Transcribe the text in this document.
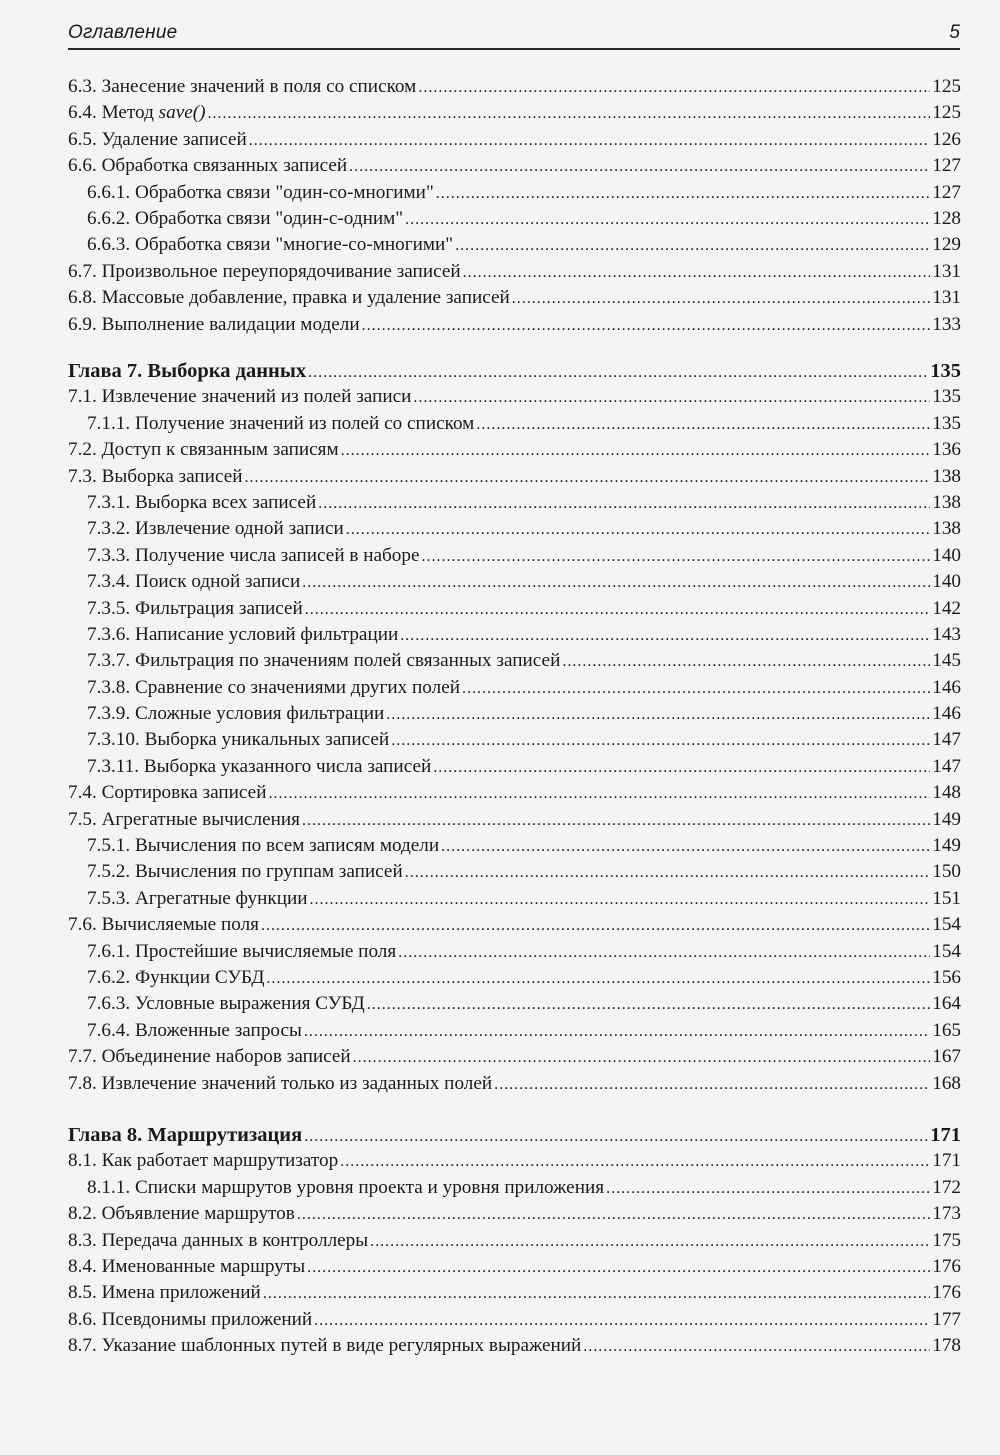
Оглавление	5
6.3. Занесение значений в поля со списком .....	125
6.4. Метод save() .....	125
6.5. Удаление записей .....	126
6.6. Обработка связанных записей .....	127
6.6.1. Обработка связи "один-со-многими" .....	127
6.6.2. Обработка связи "один-с-одним" .....	128
6.6.3. Обработка связи "многие-со-многими" .....	129
6.7. Произвольное переупорядочивание записей .....	131
6.8. Массовые добавление, правка и удаление записей .....	131
6.9. Выполнение валидации модели .....	133
Глава 7. Выборка данных .....	135
7.1. Извлечение значений из полей записи .....	135
7.1.1. Получение значений из полей со списком .....	135
7.2. Доступ к связанным записям .....	136
7.3. Выборка записей .....	138
7.3.1. Выборка всех записей .....	138
7.3.2. Извлечение одной записи .....	138
7.3.3. Получение числа записей в наборе .....	140
7.3.4. Поиск одной записи .....	140
7.3.5. Фильтрация записей .....	142
7.3.6. Написание условий фильтрации .....	143
7.3.7. Фильтрация по значениям полей связанных записей .....	145
7.3.8. Сравнение со значениями других полей .....	146
7.3.9. Сложные условия фильтрации .....	146
7.3.10. Выборка уникальных записей .....	147
7.3.11. Выборка указанного числа записей .....	147
7.4. Сортировка записей .....	148
7.5. Агрегатные вычисления .....	149
7.5.1. Вычисления по всем записям модели .....	149
7.5.2. Вычисления по группам записей .....	150
7.5.3. Агрегатные функции .....	151
7.6. Вычисляемые поля .....	154
7.6.1. Простейшие вычисляемые поля .....	154
7.6.2. Функции СУБД .....	156
7.6.3. Условные выражения СУБД .....	164
7.6.4. Вложенные запросы .....	165
7.7. Объединение наборов записей .....	167
7.8. Извлечение значений только из заданных полей .....	168
Глава 8. Маршрутизация .....	171
8.1. Как работает маршрутизатор .....	171
8.1.1. Списки маршрутов уровня проекта и уровня приложения .....	172
8.2. Объявление маршрутов .....	173
8.3. Передача данных в контроллеры .....	175
8.4. Именованные маршруты .....	176
8.5. Имена приложений .....	176
8.6. Псевдонимы приложений .....	177
8.7. Указание шаблонных путей в виде регулярных выражений .....	178
